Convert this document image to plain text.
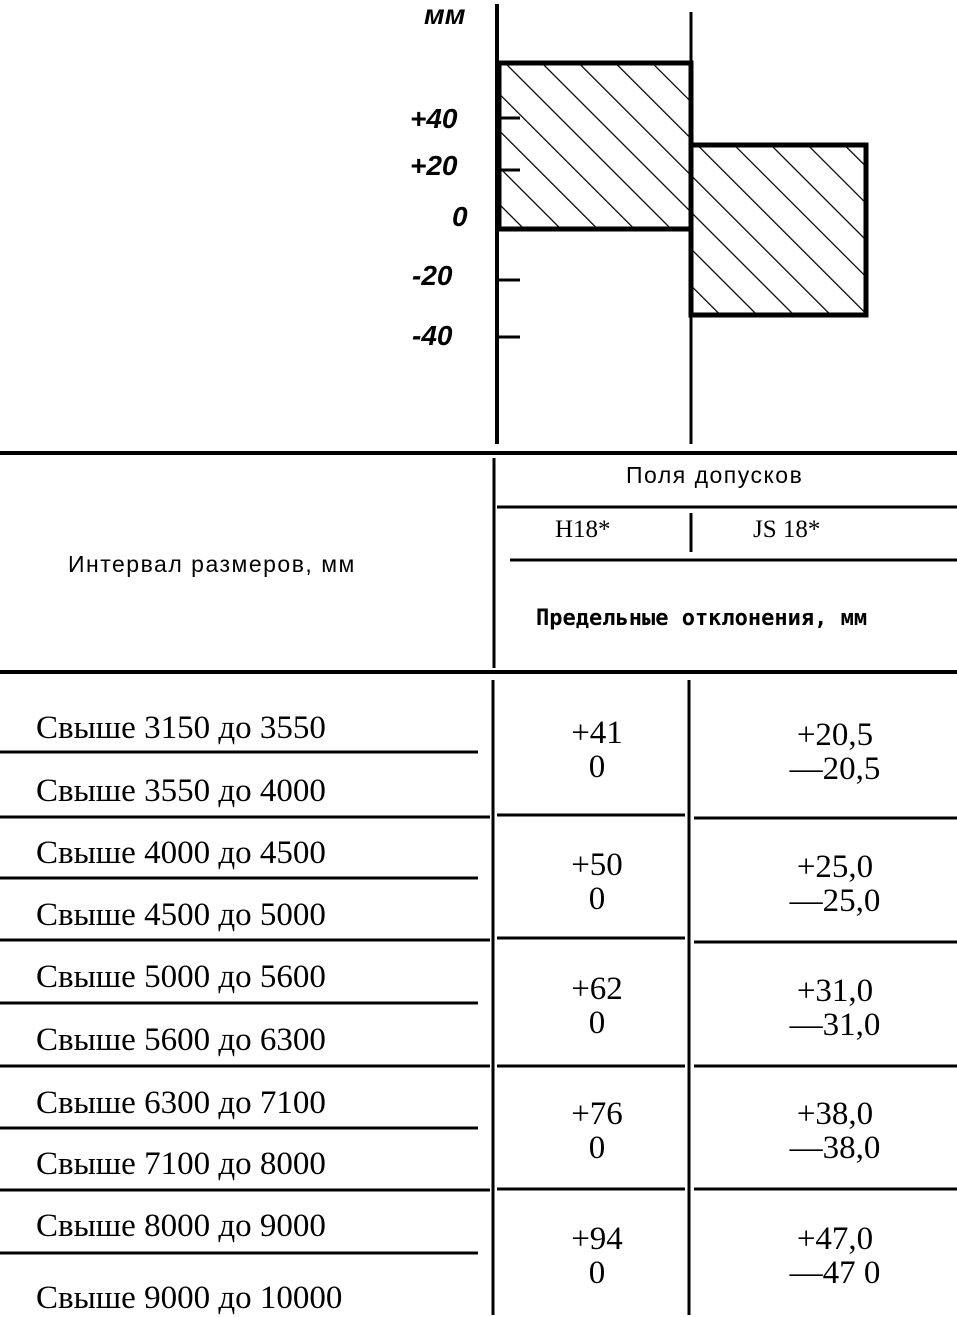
мм
+40
+20
0
-20
-40
Интервал размеров, мм
Поля допусков
H18*	JS 18*
Предельные отклонения, мм
Свыше 3150 до 3550
Свыше 3550 до 4000
Свыше 4000 до 4500
Свыше 4500 до 5000
Свыше 5000 до 5600
Свыше 5600 до 6300
Свыше 6300 до 7100
Свыше 7100 до 8000
Свыше 8000 до 9000
Свыше 9000 до 10000
+41
0
+50
0
+62
0
+76
0
+94
0
+20,5
—20,5
+25,0
—25,0
+31,0
—31,0
+38,0
—38,0
+47,0
—47 0
